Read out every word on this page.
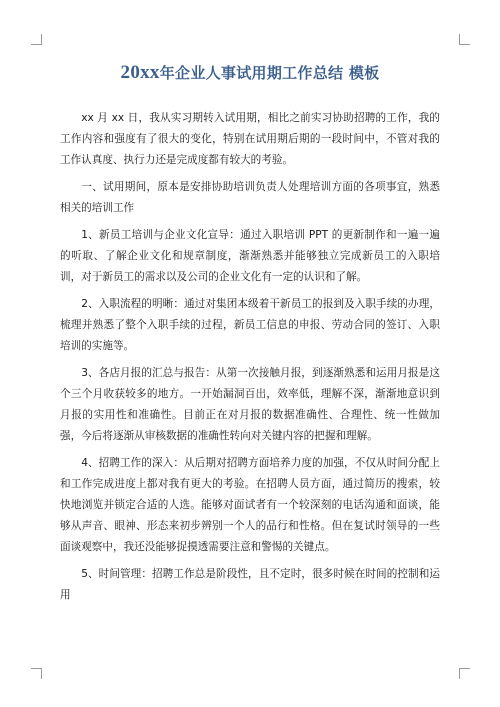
20xx年企业人事试用期工作总结 模板

xx 月 xx 日，我从实习期转入试用期，相比之前实习协助招聘的工作，我的工作内容和强度有了很大的变化，特别在试用期后期的一段时间中，不管对我的工作认真度、执行力还是完成度都有较大的考验。

一、试用期间，原本是安排协助培训负责人处理培训方面的各项事宜，熟悉相关的培训工作

1、新员工培训与企业文化宣导：通过入职培训 PPT 的更新制作和一遍一遍的听取、了解企业文化和规章制度，渐渐熟悉并能够独立完成新员工的入职培训，对于新员工的需求以及公司的企业文化有一定的认识和了解。

2、入职流程的明晰：通过对集团本级着干新员工的报到及入职手续的办理，梳理并熟悉了整个入职手续的过程，新员工信息的申报、劳动合同的签订、入职培训的实施等。

3、各店月报的汇总与报告：从第一次接触月报，到逐渐熟悉和运用月报是这个三个月收获较多的地方。一开始漏洞百出，效率低，理解不深，渐渐地意识到月报的实用性和准确性。目前正在对月报的数据准确性、合理性、统一性做加强，今后将逐渐从审核数据的准确性转向对关键内容的把握和理解。

4、招聘工作的深入：从后期对招聘方面培养力度的加强，不仅从时间分配上和工作完成进度上都对我有更大的考验。在招聘人员方面，通过简历的搜索，较快地浏览并锁定合适的人选。能够对面试者有一个较深刻的电话沟通和面谈，能够从声音、眼神、形态来初步辨别一个人的品行和性格。但在复试时领导的一些面谈观察中，我还没能够捉摸透需要注意和警惕的关键点。

5、时间管理：招聘工作总是阶段性，且不定时，很多时候在时间的控制和运用
